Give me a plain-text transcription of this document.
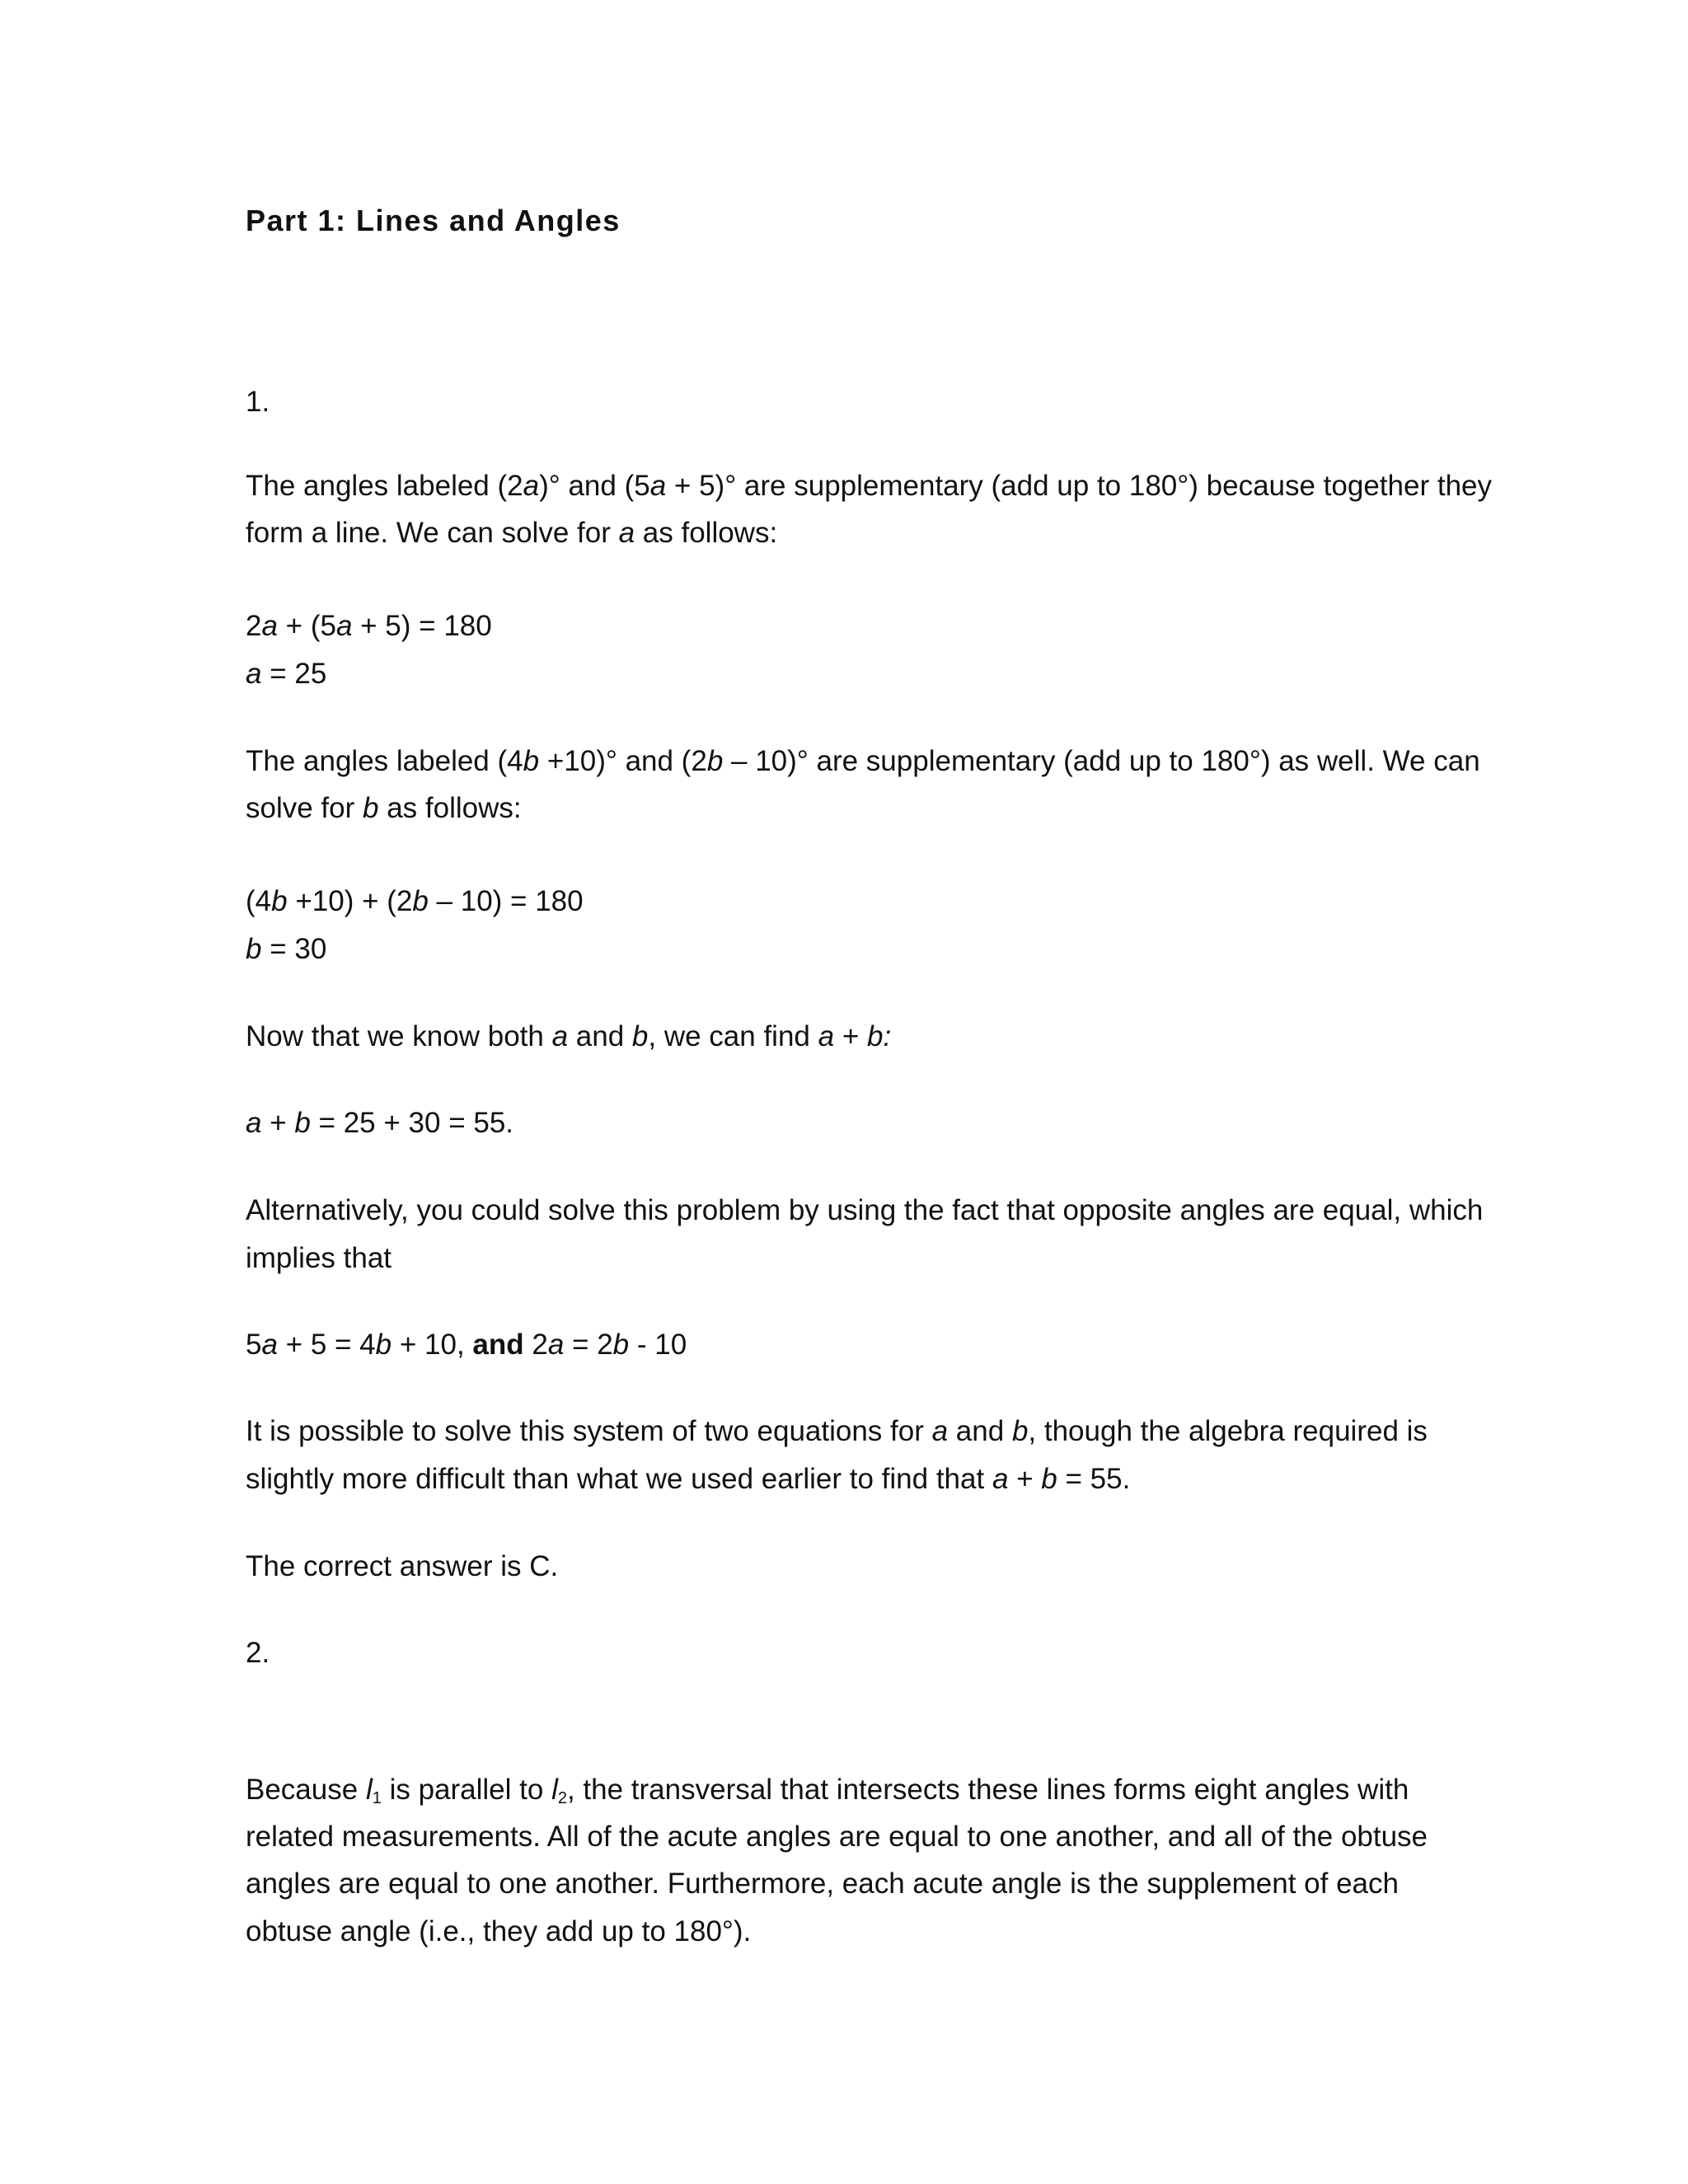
Part 1: Lines and Angles
1.
The angles labeled (2a)° and (5a + 5)° are supplementary (add up to 180°) because together they
form a line. We can solve for a as follows:
2a + (5a + 5) = 180
a = 25
The angles labeled (4b +10)° and (2b – 10)° are supplementary (add up to 180°) as well. We can
solve for b as follows:
(4b +10) + (2b – 10) = 180
b = 30
Now that we know both a and b, we can find a + b:
a + b = 25 + 30 = 55.
Alternatively, you could solve this problem by using the fact that opposite angles are equal, which
implies that
5a + 5 = 4b + 10, and 2a = 2b - 10
It is possible to solve this system of two equations for a and b, though the algebra required is
slightly more difficult than what we used earlier to find that a + b = 55.
The correct answer is C.
2.
Because $l_1$ is parallel to $l_2$, the transversal that intersects these lines forms eight angles with
related measurements. All of the acute angles are equal to one another, and all of the obtuse
angles are equal to one another. Furthermore, each acute angle is the supplement of each
obtuse angle (i.e., they add up to 180°).
